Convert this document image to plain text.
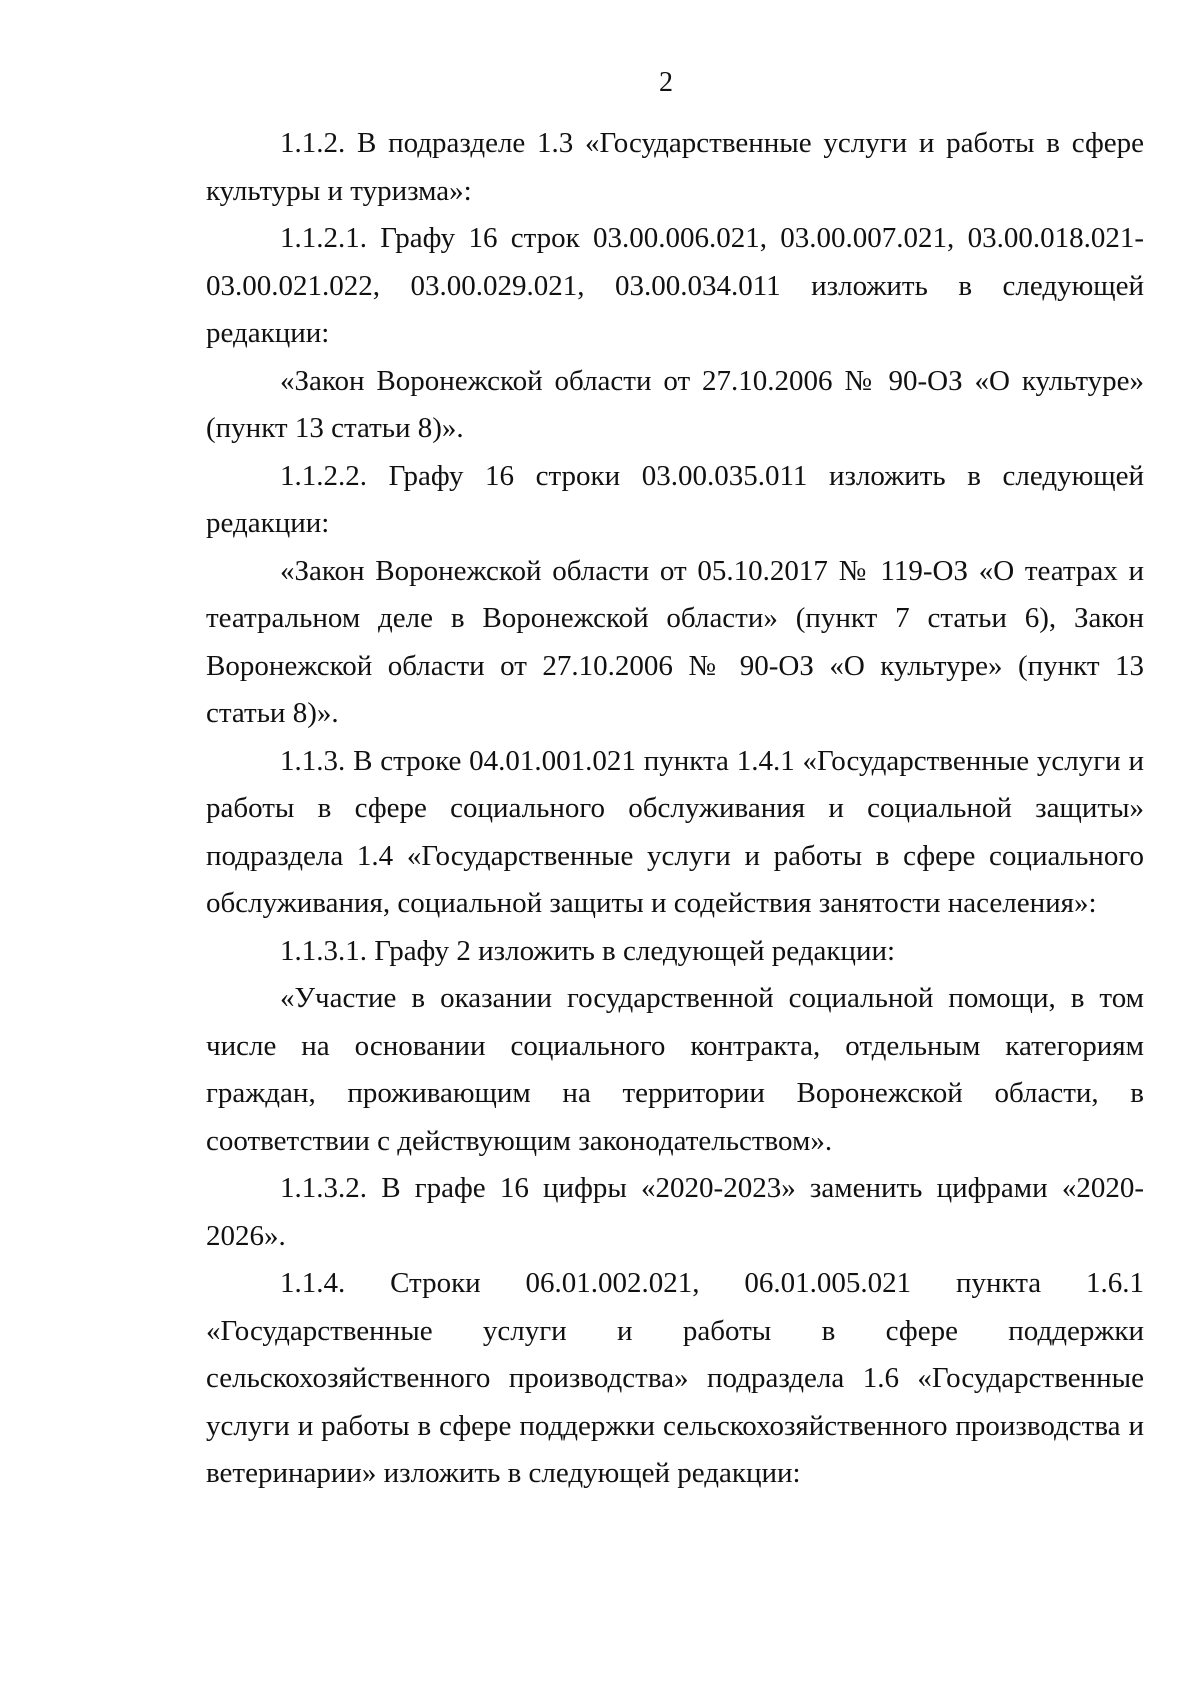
2

1.1.2. В подразделе 1.3 «Государственные услуги и работы в сфере культуры и туризма»:

1.1.2.1. Графу 16 строк 03.00.006.021, 03.00.007.021, 03.00.018.021-03.00.021.022, 03.00.029.021, 03.00.034.011 изложить в следующей редакции:

«Закон Воронежской области от 27.10.2006 № 90-ОЗ «О культуре» (пункт 13 статьи 8)».

1.1.2.2. Графу 16 строки 03.00.035.011 изложить в следующей редакции:

«Закон Воронежской области от 05.10.2017 № 119-ОЗ «О театрах и театральном деле в Воронежской области» (пункт 7 статьи 6), Закон Воронежской области от 27.10.2006 № 90-ОЗ «О культуре» (пункт 13 статьи 8)».

1.1.3. В строке 04.01.001.021 пункта 1.4.1 «Государственные услуги и работы в сфере социального обслуживания и социальной защиты» подраздела 1.4 «Государственные услуги и работы в сфере социального обслуживания, социальной защиты и содействия занятости населения»:

1.1.3.1. Графу 2 изложить в следующей редакции:

«Участие в оказании государственной социальной помощи, в том числе на основании социального контракта, отдельным категориям граждан, проживающим на территории Воронежской области, в соответствии с действующим законодательством».

1.1.3.2. В графе 16 цифры «2020-2023» заменить цифрами «2020-2026».

1.1.4. Строки 06.01.002.021, 06.01.005.021 пункта 1.6.1 «Государственные услуги и работы в сфере поддержки сельскохозяйственного производства» подраздела 1.6 «Государственные услуги и работы в сфере поддержки сельскохозяйственного производства и ветеринарии» изложить в следующей редакции:
